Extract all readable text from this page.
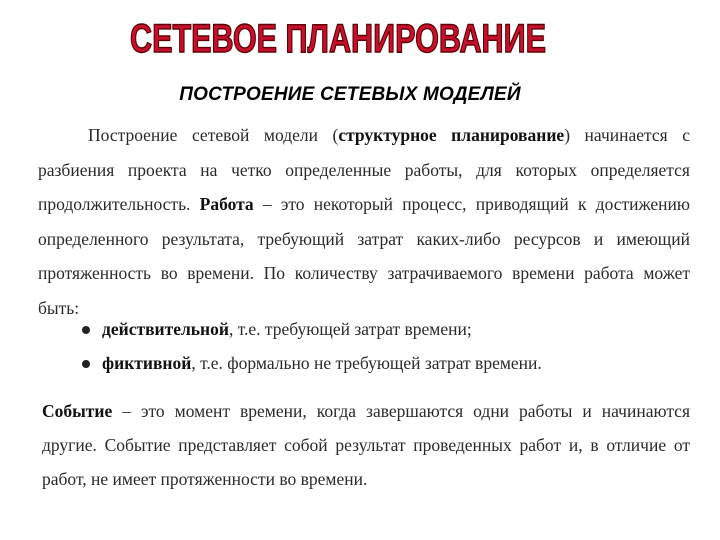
СЕТЕВОЕ ПЛАНИРОВАНИЕ
ПОСТРОЕНИЕ СЕТЕВЫХ МОДЕЛЕЙ
Построение сетевой модели (структурное планирование) начинается с разбиения проекта на четко определенные работы, для которых определяется продолжительность. Работа – это некоторый процесс, приводящий к достижению определенного результата, требующий затрат каких-либо ресурсов и имеющий протяженность во времени. По количеству затрачиваемого времени работа может быть:
действительной, т.е. требующей затрат времени;
фиктивной, т.е. формально не требующей затрат времени.
Событие – это момент времени, когда завершаются одни работы и начинаются другие. Событие представляет собой результат проведенных работ и, в отличие от работ, не имеет протяженности во времени.
